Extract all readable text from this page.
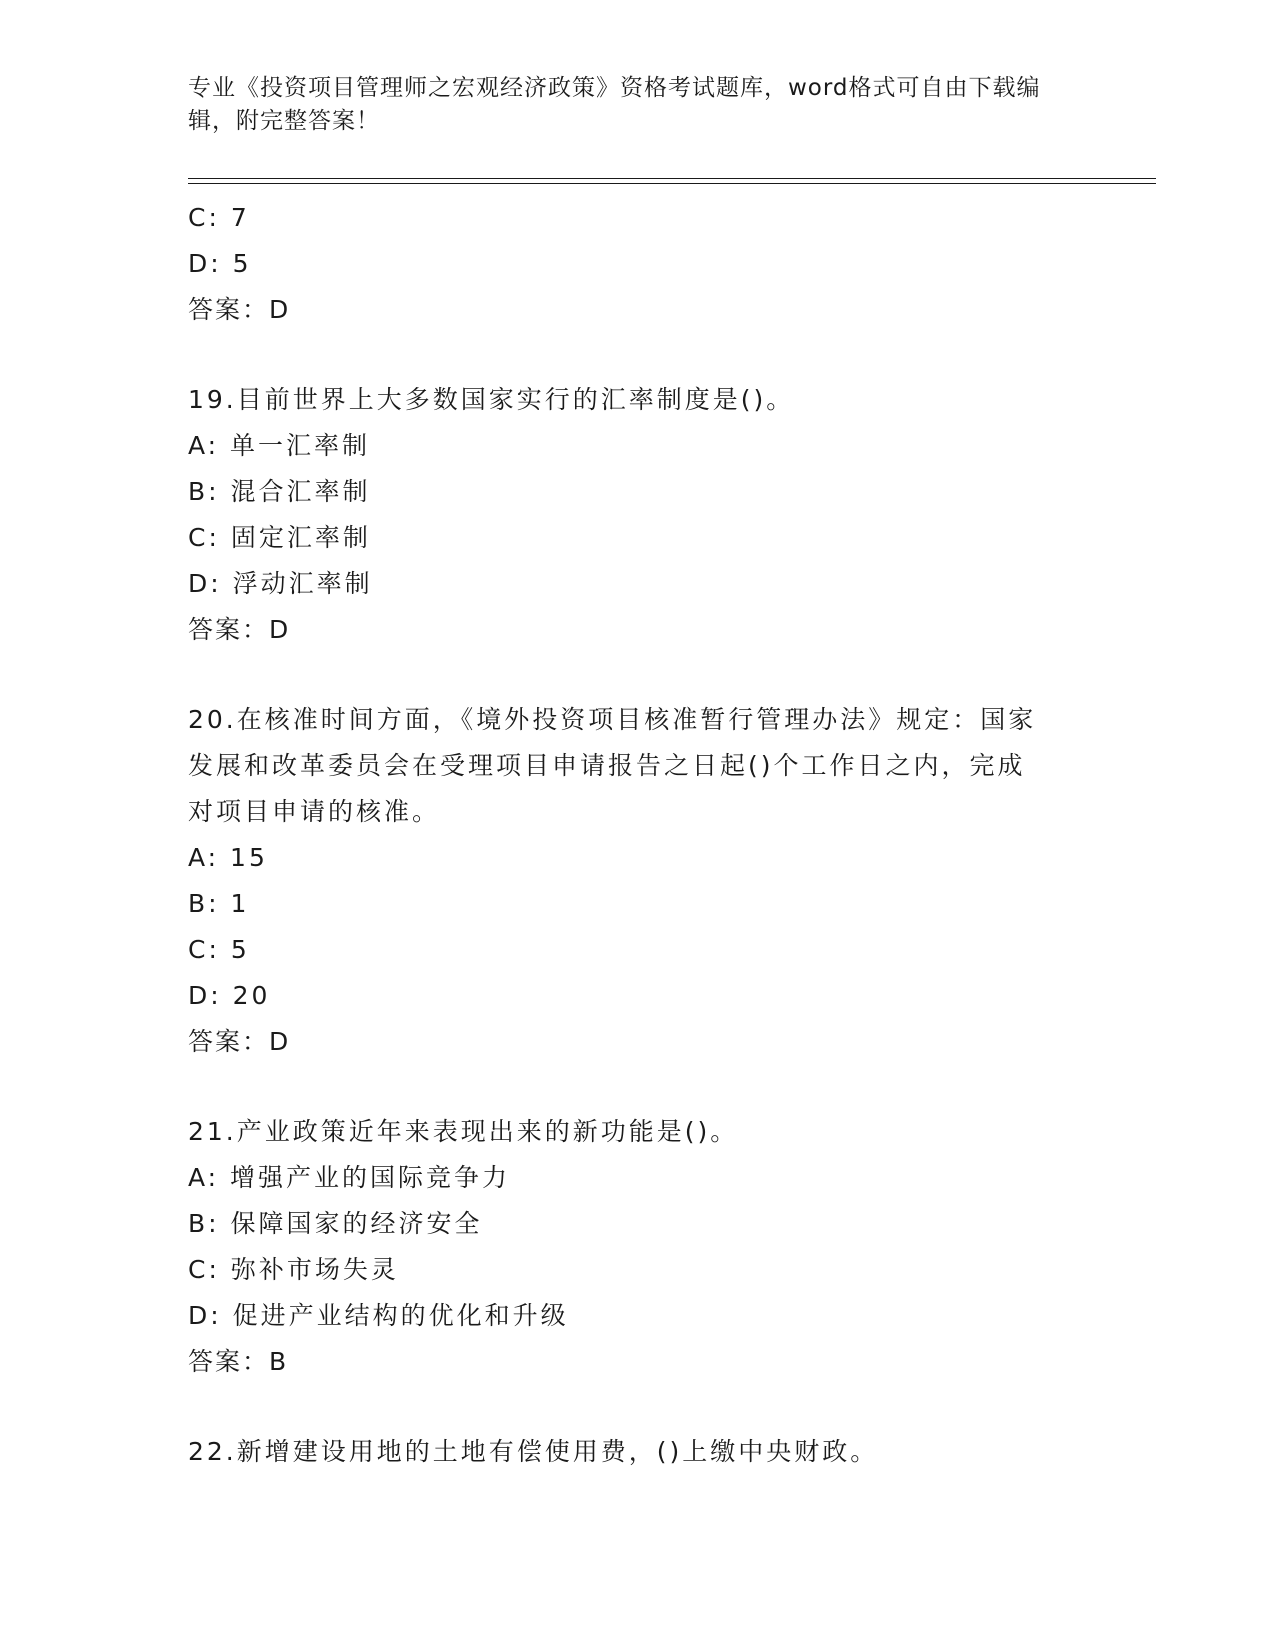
专业《投资项目管理师之宏观经济政策》资格考试题库，word格式可自由下载编
辑，附完整答案！
C: 7
D: 5
答案：D
19.目前世界上大多数国家实行的汇率制度是()。
A: 单一汇率制
B: 混合汇率制
C: 固定汇率制
D: 浮动汇率制
答案：D
20.在核准时间方面，《境外投资项目核准暂行管理办法》规定：国家
发展和改革委员会在受理项目申请报告之日起()个工作日之内，完成
对项目申请的核准。
A: 15
B: 1
C: 5
D: 20
答案：D
21.产业政策近年来表现出来的新功能是()。
A: 增强产业的国际竞争力
B: 保障国家的经济安全
C: 弥补市场失灵
D: 促进产业结构的优化和升级
答案：B
22.新增建设用地的土地有偿使用费，()上缴中央财政。
